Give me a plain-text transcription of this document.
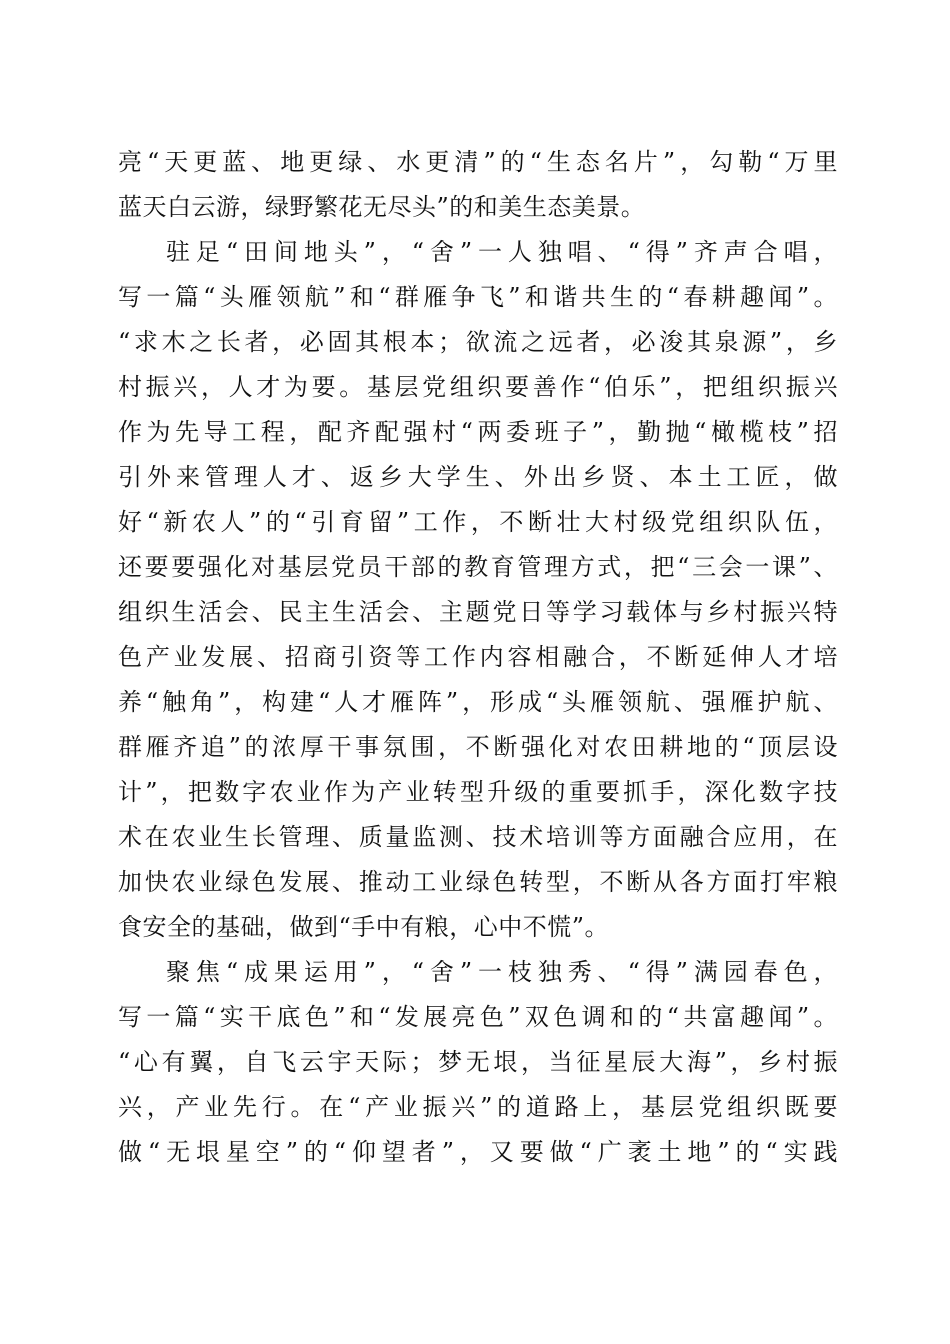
亮“天更蓝、地更绿、水更清”的“生态名片”，勾勒“万里
蓝天白云游，绿野繁花无尽头”的和美生态美景。
驻足“田间地头”，“舍”一人独唱、“得”齐声合唱，
写一篇“头雁领航”和“群雁争飞”和谐共生的“春耕趣闻”。
“求木之长者，必固其根本；欲流之远者，必浚其泉源”，乡
村振兴，人才为要。基层党组织要善作“伯乐”，把组织振兴
作为先导工程，配齐配强村“两委班子”，勤抛“橄榄枝”招
引外来管理人才、返乡大学生、外出乡贤、本土工匠，做
好“新农人”的“引育留”工作，不断壮大村级党组织队伍，
还要要强化对基层党员干部的教育管理方式，把“三会一课”、
组织生活会、民主生活会、主题党日等学习载体与乡村振兴特
色产业发展、招商引资等工作内容相融合，不断延伸人才培
养“触角”，构建“人才雁阵”，形成“头雁领航、强雁护航、
群雁齐追”的浓厚干事氛围，不断强化对农田耕地的“顶层设
计”，把数字农业作为产业转型升级的重要抓手，深化数字技
术在农业生长管理、质量监测、技术培训等方面融合应用，在
加快农业绿色发展、推动工业绿色转型，不断从各方面打牢粮
食安全的基础，做到“手中有粮，心中不慌”。
聚焦“成果运用”，“舍”一枝独秀、“得”满园春色，
写一篇“实干底色”和“发展亮色”双色调和的“共富趣闻”。
“心有翼，自飞云宇天际；梦无垠，当征星辰大海”，乡村振
兴，产业先行。在“产业振兴”的道路上，基层党组织既要
做“无垠星空”的“仰望者”，又要做“广袤土地”的“实践
